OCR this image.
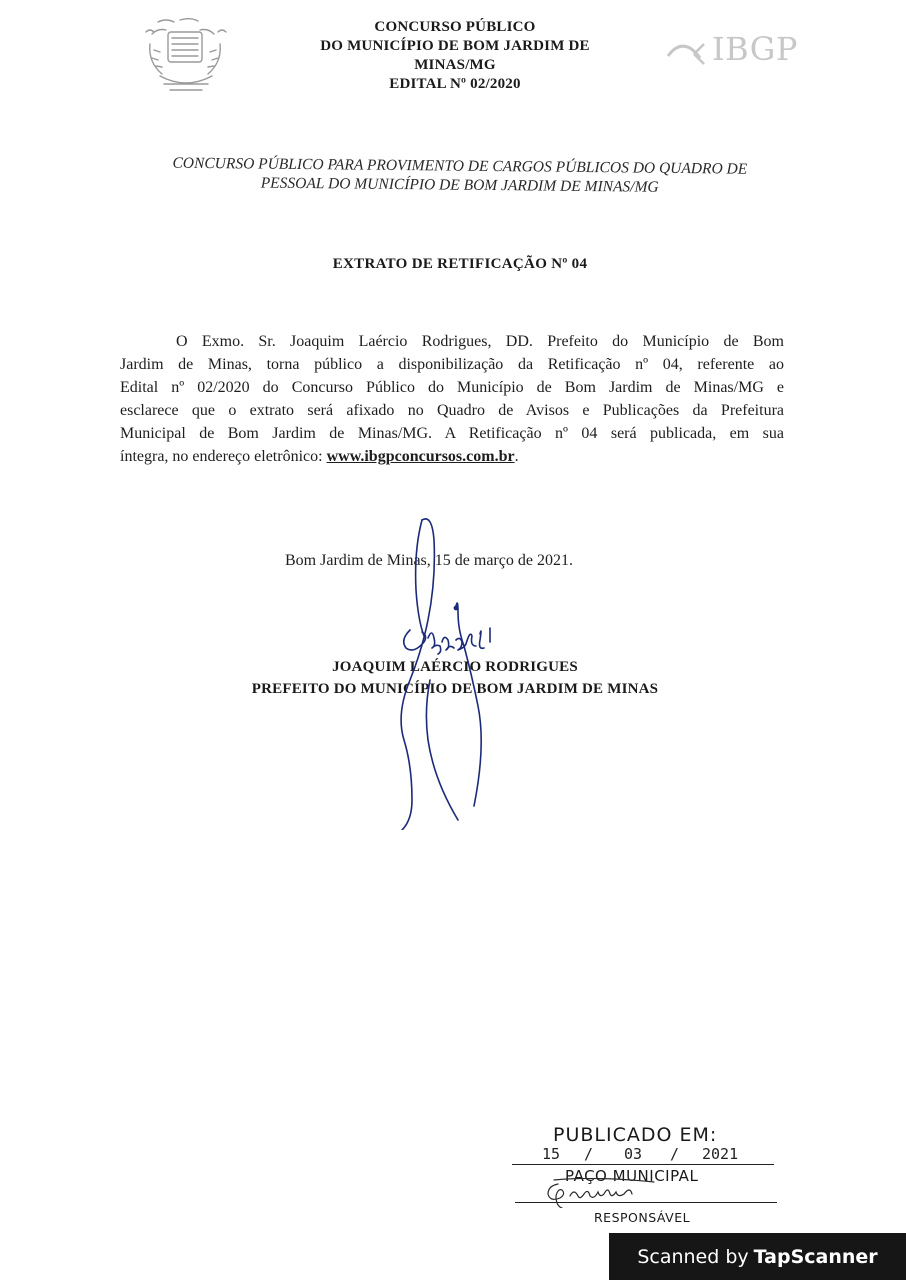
CONCURSO PÚBLICO
DO MUNICÍPIO DE BOM JARDIM DE
MINAS/MG
EDITAL Nº 02/2020
IBGP
CONCURSO PÚBLICO PARA PROVIMENTO DE CARGOS PÚBLICOS DO QUADRO DE
PESSOAL DO MUNICÍPIO DE BOM JARDIM DE MINAS/MG
EXTRATO DE RETIFICAÇÃO Nº 04
O Exmo. Sr. Joaquim Laércio Rodrigues, DD. Prefeito do Município de Bom
Jardim de Minas, torna público a disponibilização da Retificação nº 04, referente ao
Edital nº 02/2020 do Concurso Público do Município de Bom Jardim de Minas/MG e
esclarece que o extrato será afixado no Quadro de Avisos e Publicações da Prefeitura
Municipal de Bom Jardim de Minas/MG. A Retificação nº 04 será publicada, em sua
íntegra, no endereço eletrônico: www.ibgpconcursos.com.br.
Bom Jardim de Minas, 15 de março de 2021.
JOAQUIM LAÉRCIO RODRIGUES
PREFEITO DO MUNICÍPIO DE BOM JARDIM DE MINAS
PUBLICADO EM:
15 / 03 / 2021
PAÇO MUNICIPAL
RESPONSÁVEL
Scanned by TapScanner
